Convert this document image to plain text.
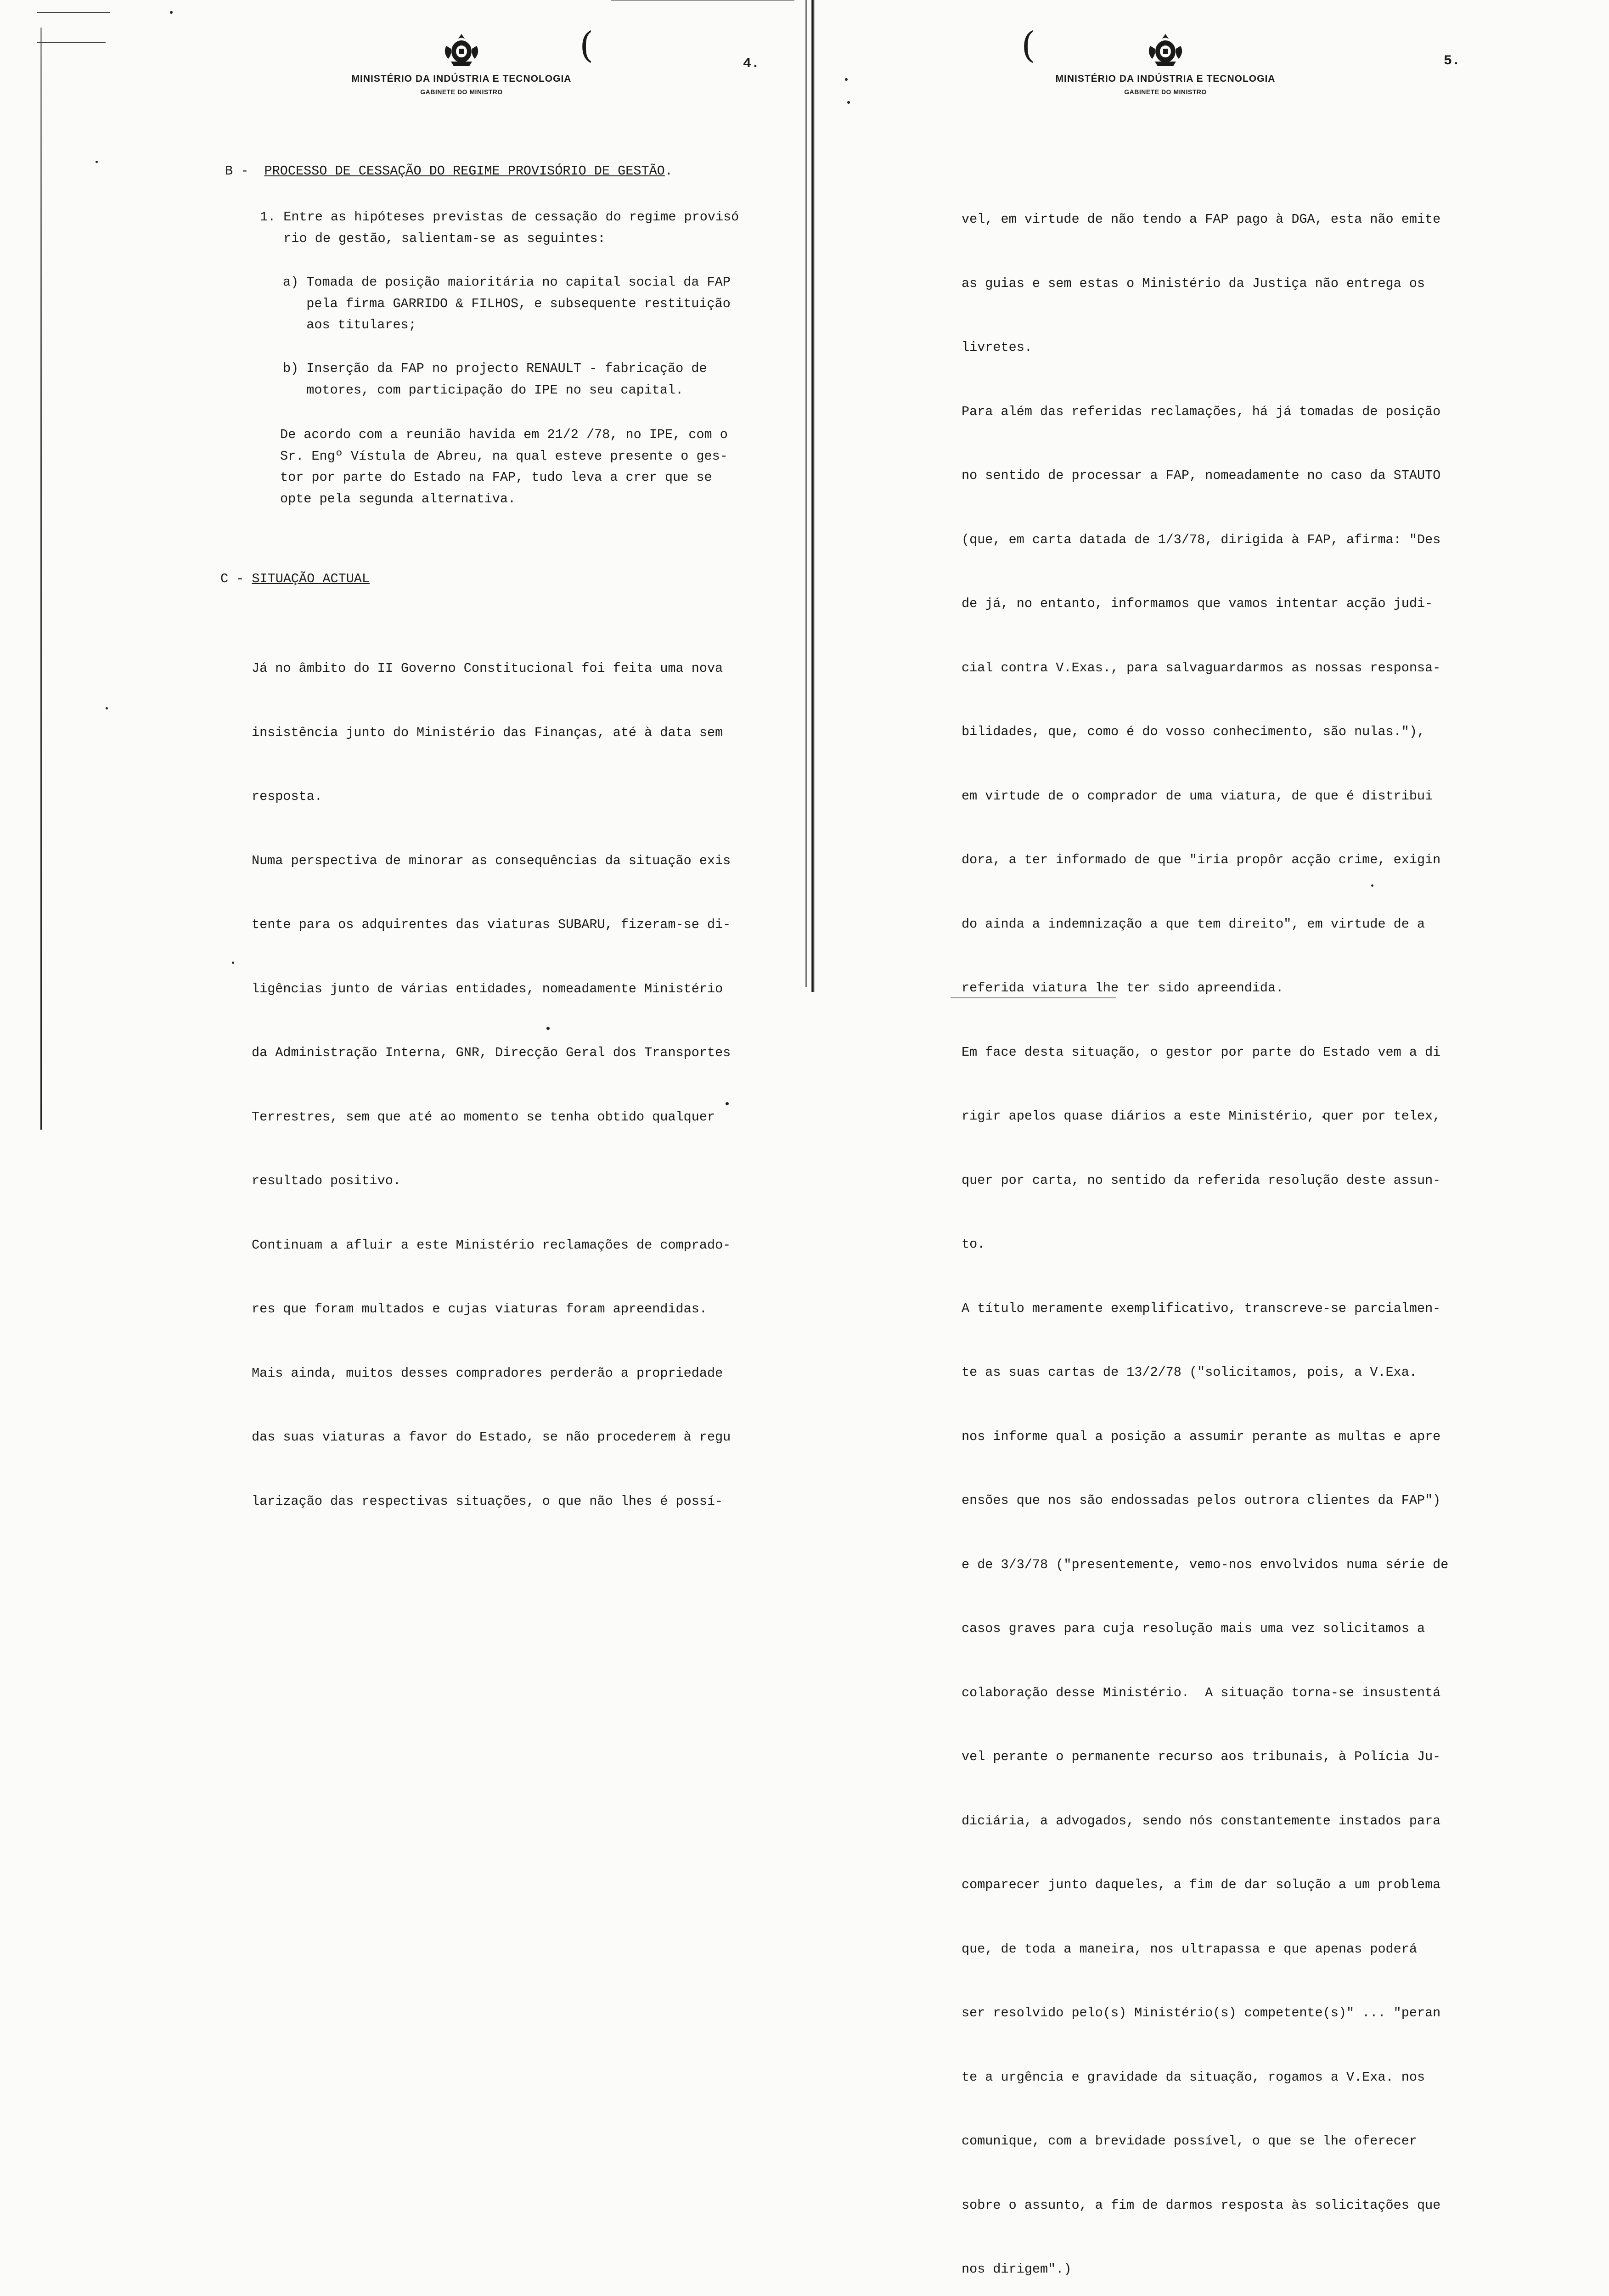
MINISTÉRIO DA INDÚSTRIA E TECNOLOGIA
GABINETE DO MINISTRO
(	4.
B - PROCESSO DE CESSAÇÃO DO REGIME PROVISÓRIO DE GESTÃO.
1. Entre as hipóteses previstas de cessação do regime provisó
rio de gestão, salientam-se as seguintes:
a) Tomada de posição maioritária no capital social da FAP
pela firma GARRIDO & FILHOS, e subsequente restituição
aos titulares;
b) Inserção da FAP no projecto RENAULT - fabricação de
motores, com participação do IPE no seu capital.
De acordo com a reunião havida em 21/2 /78, no IPE, com o
Sr. Engº Vístula de Abreu, na qual esteve presente o ges-
tor por parte do Estado na FAP, tudo leva a crer que se
opte pela segunda alternativa.
C - SITUAÇÃO ACTUAL

Já no âmbito do II Governo Constitucional foi feita uma nova

insistência junto do Ministério das Finanças, até à data sem

resposta.

Numa perspectiva de minorar as consequências da situação exis

tente para os adquirentes das viaturas SUBARU, fizeram-se di-

ligências junto de várias entidades, nomeadamente Ministério

da Administração Interna, GNR, Direcção Geral dos Transportes

Terrestres, sem que até ao momento se tenha obtido qualquer

resultado positivo.

Continuam a afluir a este Ministério reclamações de comprado-

res que foram multados e cujas viaturas foram apreendidas.

Mais ainda, muitos desses compradores perderão a propriedade

das suas viaturas a favor do Estado, se não procederem à regu

larização das respectivas situações, o que não lhes é possí-

(
MINISTÉRIO DA INDÚSTRIA E TECNOLOGIA
GABINETE DO MINISTRO
5.

vel, em virtude de não tendo a FAP pago à DGA, esta não emite

as guias e sem estas o Ministério da Justiça não entrega os

livretes.

Para além das referidas reclamações, há já tomadas de posição

no sentido de processar a FAP, nomeadamente no caso da STAUTO

(que, em carta datada de 1/3/78, dirigida à FAP, afirma: "Des

de já, no entanto, informamos que vamos intentar acção judi-

cial contra V.Exas., para salvaguardarmos as nossas responsa-

bilidades, que, como é do vosso conhecimento, são nulas."),

em virtude de o comprador de uma viatura, de que é distribui

dora, a ter informado de que "iria propôr acção crime, exigin

do ainda a indemnização a que tem direito", em virtude de a

referida viatura lhe ter sido apreendida.

Em face desta situação, o gestor por parte do Estado vem a di

rigir apelos quase diários a este Ministério, quer por telex,

quer por carta, no sentido da referida resolução deste assun-

to.

A título meramente exemplificativo, transcreve-se parcialmen-

te as suas cartas de 13/2/78 ("solicitamos, pois, a V.Exa.

nos informe qual a posição a assumir perante as multas e apre

ensões que nos são endossadas pelos outrora clientes da FAP")

e de 3/3/78 ("presentemente, vemo-nos envolvidos numa série de

casos graves para cuja resolução mais uma vez solicitamos a

colaboração desse Ministério.  A situação torna-se insustentá

vel perante o permanente recurso aos tribunais, à Polícia Ju-

diciária, a advogados, sendo nós constantemente instados para

comparecer junto daqueles, a fim de dar solução a um problema

que, de toda a maneira, nos ultrapassa e que apenas poderá

ser resolvido pelo(s) Ministério(s) competente(s)" ... "peran

te a urgência e gravidade da situação, rogamos a V.Exa. nos

comunique, com a brevidade possível, o que se lhe oferecer

sobre o assunto, a fim de darmos resposta às solicitações que

nos dirigem".)
